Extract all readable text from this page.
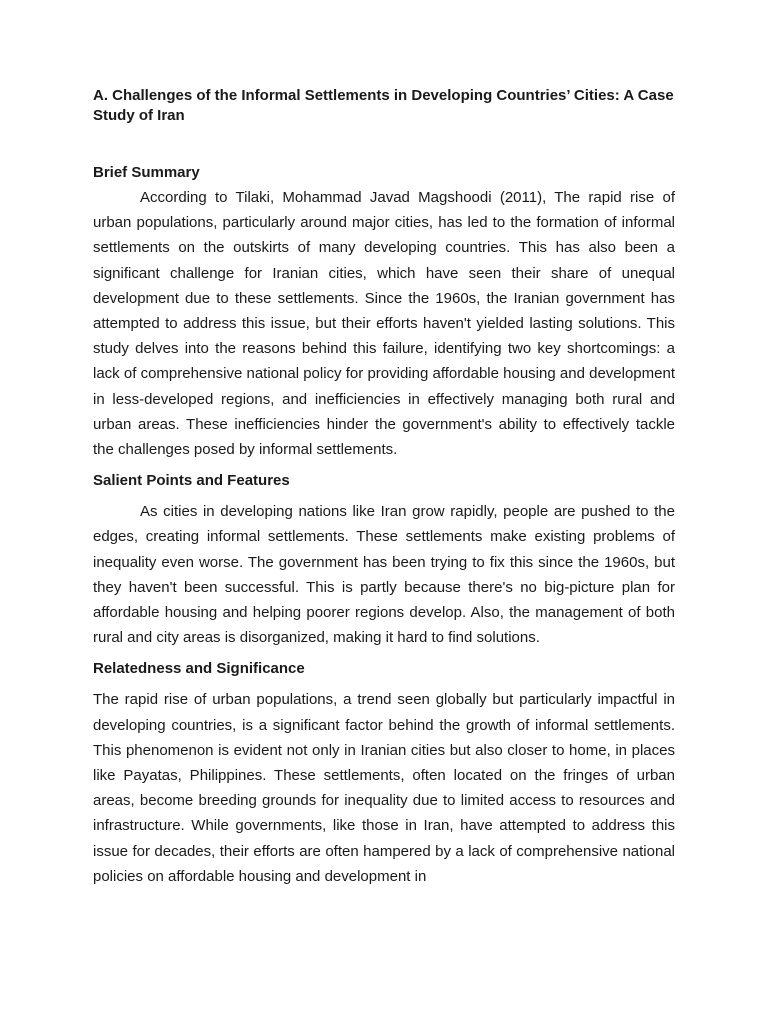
A. Challenges of the Informal Settlements in Developing Countries’ Cities: A Case Study of Iran

Brief Summary

According to Tilaki, Mohammad Javad Magshoodi (2011), The rapid rise of urban populations, particularly around major cities, has led to the formation of informal settlements on the outskirts of many developing countries. This has also been a significant challenge for Iranian cities, which have seen their share of unequal development due to these settlements. Since the 1960s, the Iranian government has attempted to address this issue, but their efforts haven't yielded lasting solutions. This study delves into the reasons behind this failure, identifying two key shortcomings: a lack of comprehensive national policy for providing affordable housing and development in less-developed regions, and inefficiencies in effectively managing both rural and urban areas. These inefficiencies hinder the government's ability to effectively tackle the challenges posed by informal settlements.

Salient Points and Features

As cities in developing nations like Iran grow rapidly, people are pushed to the edges, creating informal settlements. These settlements make existing problems of inequality even worse. The government has been trying to fix this since the 1960s, but they haven't been successful. This is partly because there's no big-picture plan for affordable housing and helping poorer regions develop. Also, the management of both rural and city areas is disorganized, making it hard to find solutions.

Relatedness and Significance

The rapid rise of urban populations, a trend seen globally but particularly impactful in developing countries, is a significant factor behind the growth of informal settlements. This phenomenon is evident not only in Iranian cities but also closer to home, in places like Payatas, Philippines. These settlements, often located on the fringes of urban areas, become breeding grounds for inequality due to limited access to resources and infrastructure. While governments, like those in Iran, have attempted to address this issue for decades, their efforts are often hampered by a lack of comprehensive national policies on affordable housing and development in
